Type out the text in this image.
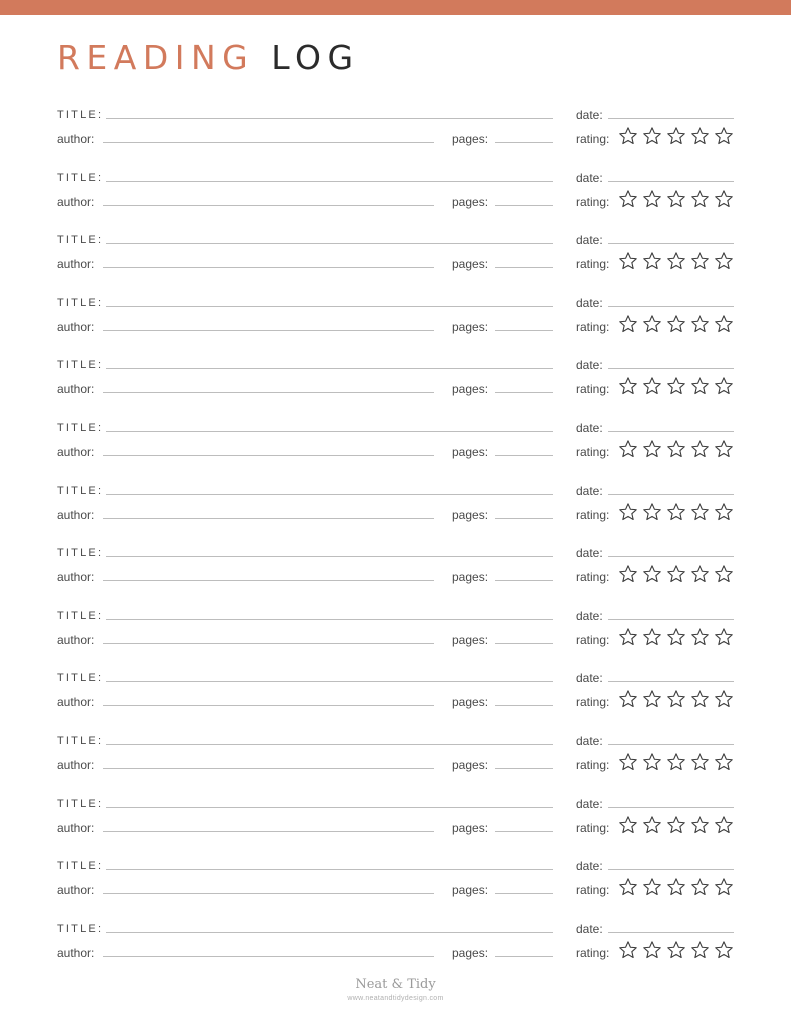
READING LOG
TITLE:	date:
author:	pages:	rating:
TITLE:	date:
author:	pages:	rating:
TITLE:	date:
author:	pages:	rating:
TITLE:	date:
author:	pages:	rating:
TITLE:	date:
author:	pages:	rating:
TITLE:	date:
author:	pages:	rating:
TITLE:	date:
author:	pages:	rating:
TITLE:	date:
author:	pages:	rating:
TITLE:	date:
author:	pages:	rating:
TITLE:	date:
author:	pages:	rating:
TITLE:	date:
author:	pages:	rating:
TITLE:	date:
author:	pages:	rating:
TITLE:	date:
author:	pages:	rating:
TITLE:	date:
author:	pages:	rating:
Neat & Tidy
www.neatandtidydesign.com
